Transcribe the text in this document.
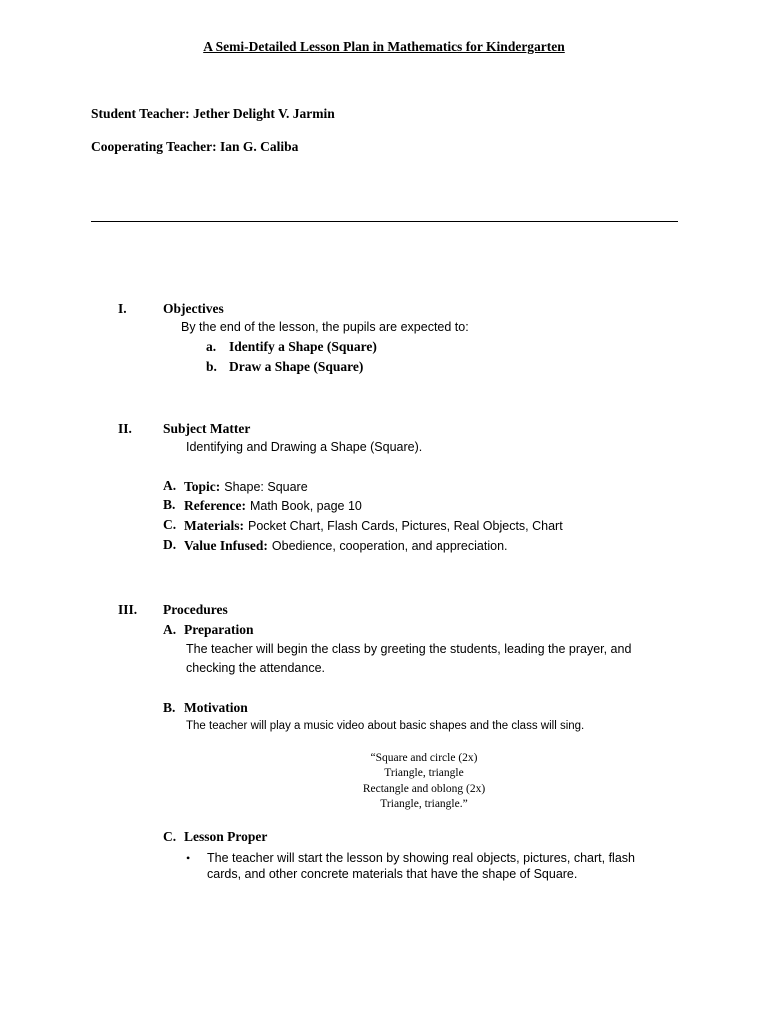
A Semi-Detailed Lesson Plan in Mathematics for Kindergarten
Student Teacher: Jether Delight V. Jarmin
Cooperating Teacher: Ian G. Caliba
I.	Objectives
By the end of the lesson, the pupils are expected to:
a. Identify a Shape (Square)
b. Draw a Shape (Square)
II. Subject Matter
Identifying and Drawing a Shape (Square).
A. Topic: Shape: Square
B. Reference: Math Book, page 10
C. Materials: Pocket Chart, Flash Cards, Pictures, Real Objects, Chart
D. Value Infused: Obedience, cooperation, and appreciation.
III. Procedures
A. Preparation
The teacher will begin the class by greeting the students, leading the prayer, and
checking the attendance.
B. Motivation
The teacher will play a music video about basic shapes and the class will sing.
“Square and circle (2x)
Triangle, triangle
Rectangle and oblong (2x)
Triangle, triangle.”
C. Lesson Proper
• The teacher will start the lesson by showing real objects, pictures, chart, flash
cards, and other concrete materials that have the shape of Square.
